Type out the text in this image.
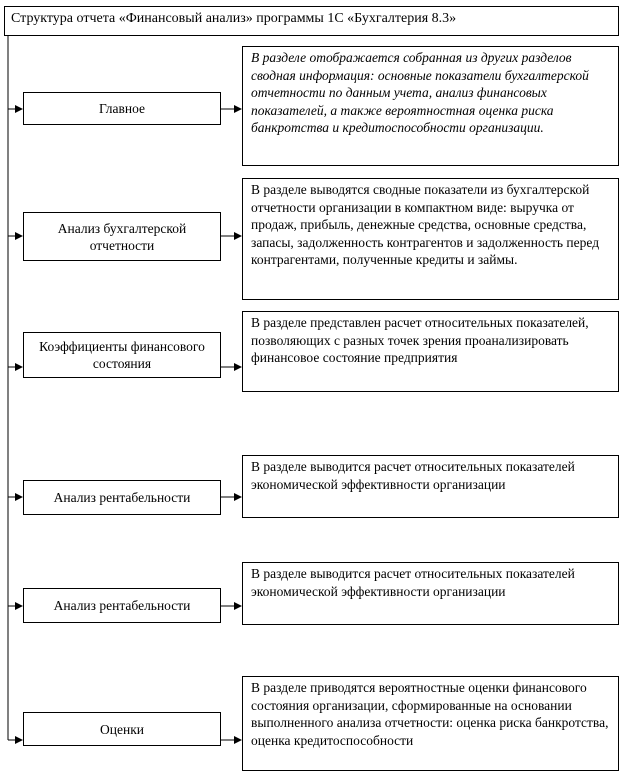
Структура отчета «Финансовый анализ» программы 1С «Бухгалтерия 8.3»
Главное
В разделе отображается собранная из других разделов сводная информация: основные показатели бухгалтерской отчетности по данным учета, анализ финансовых показателей, а также вероятностная оценка риска банкротства и кредитоспособности организации.
Анализ бухгалтерской отчетности
В разделе выводятся сводные показатели из бухгалтерской отчетности организации в компактном виде: выручка от продаж, прибыль, денежные средства, основные средства, запасы, задолженность контрагентов и задолженность перед контрагентами, полученные кредиты и займы.
Коэффициенты финансового состояния
В разделе представлен расчет относительных показателей, позволяющих с разных точек зрения проанализировать финансовое состояние предприятия
Анализ рентабельности
В разделе выводится расчет относительных показателей экономической эффективности организации
Анализ рентабельности
В разделе выводится расчет относительных показателей экономической эффективности организации
Оценки
В разделе приводятся вероятностные оценки финансового состояния организации, сформированные на основании выполненного анализа отчетности: оценка риска банкротства, оценка кредитоспособности
